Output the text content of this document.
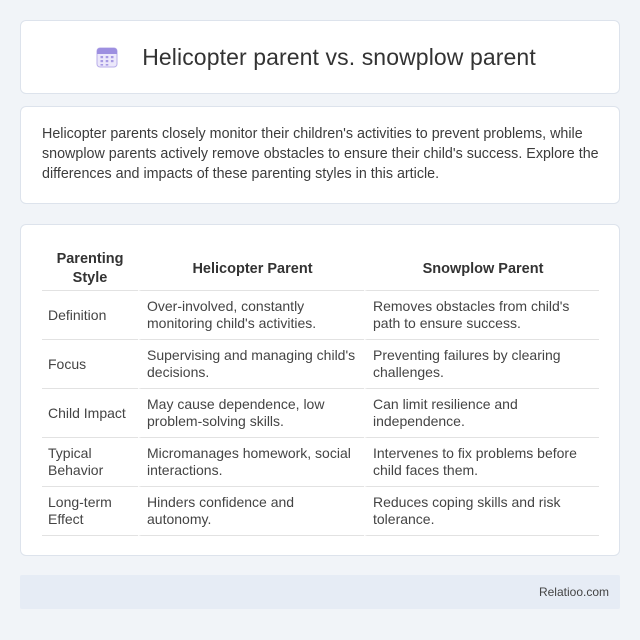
Helicopter parent vs. snowplow parent

Helicopter parents closely monitor their children's activities to prevent problems, while snowplow parents actively remove obstacles to ensure their child's success. Explore the differences and impacts of these parenting styles in this article.

Parenting Style	Helicopter Parent	Snowplow Parent
Definition	Over-involved, constantly monitoring child's activities.	Removes obstacles from child's path to ensure success.
Focus	Supervising and managing child's decisions.	Preventing failures by clearing challenges.
Child Impact	May cause dependence, low problem-solving skills.	Can limit resilience and independence.
Typical Behavior	Micromanages homework, social interactions.	Intervenes to fix problems before child faces them.
Long-term Effect	Hinders confidence and autonomy.	Reduces coping skills and risk tolerance.
Relatioo.com
